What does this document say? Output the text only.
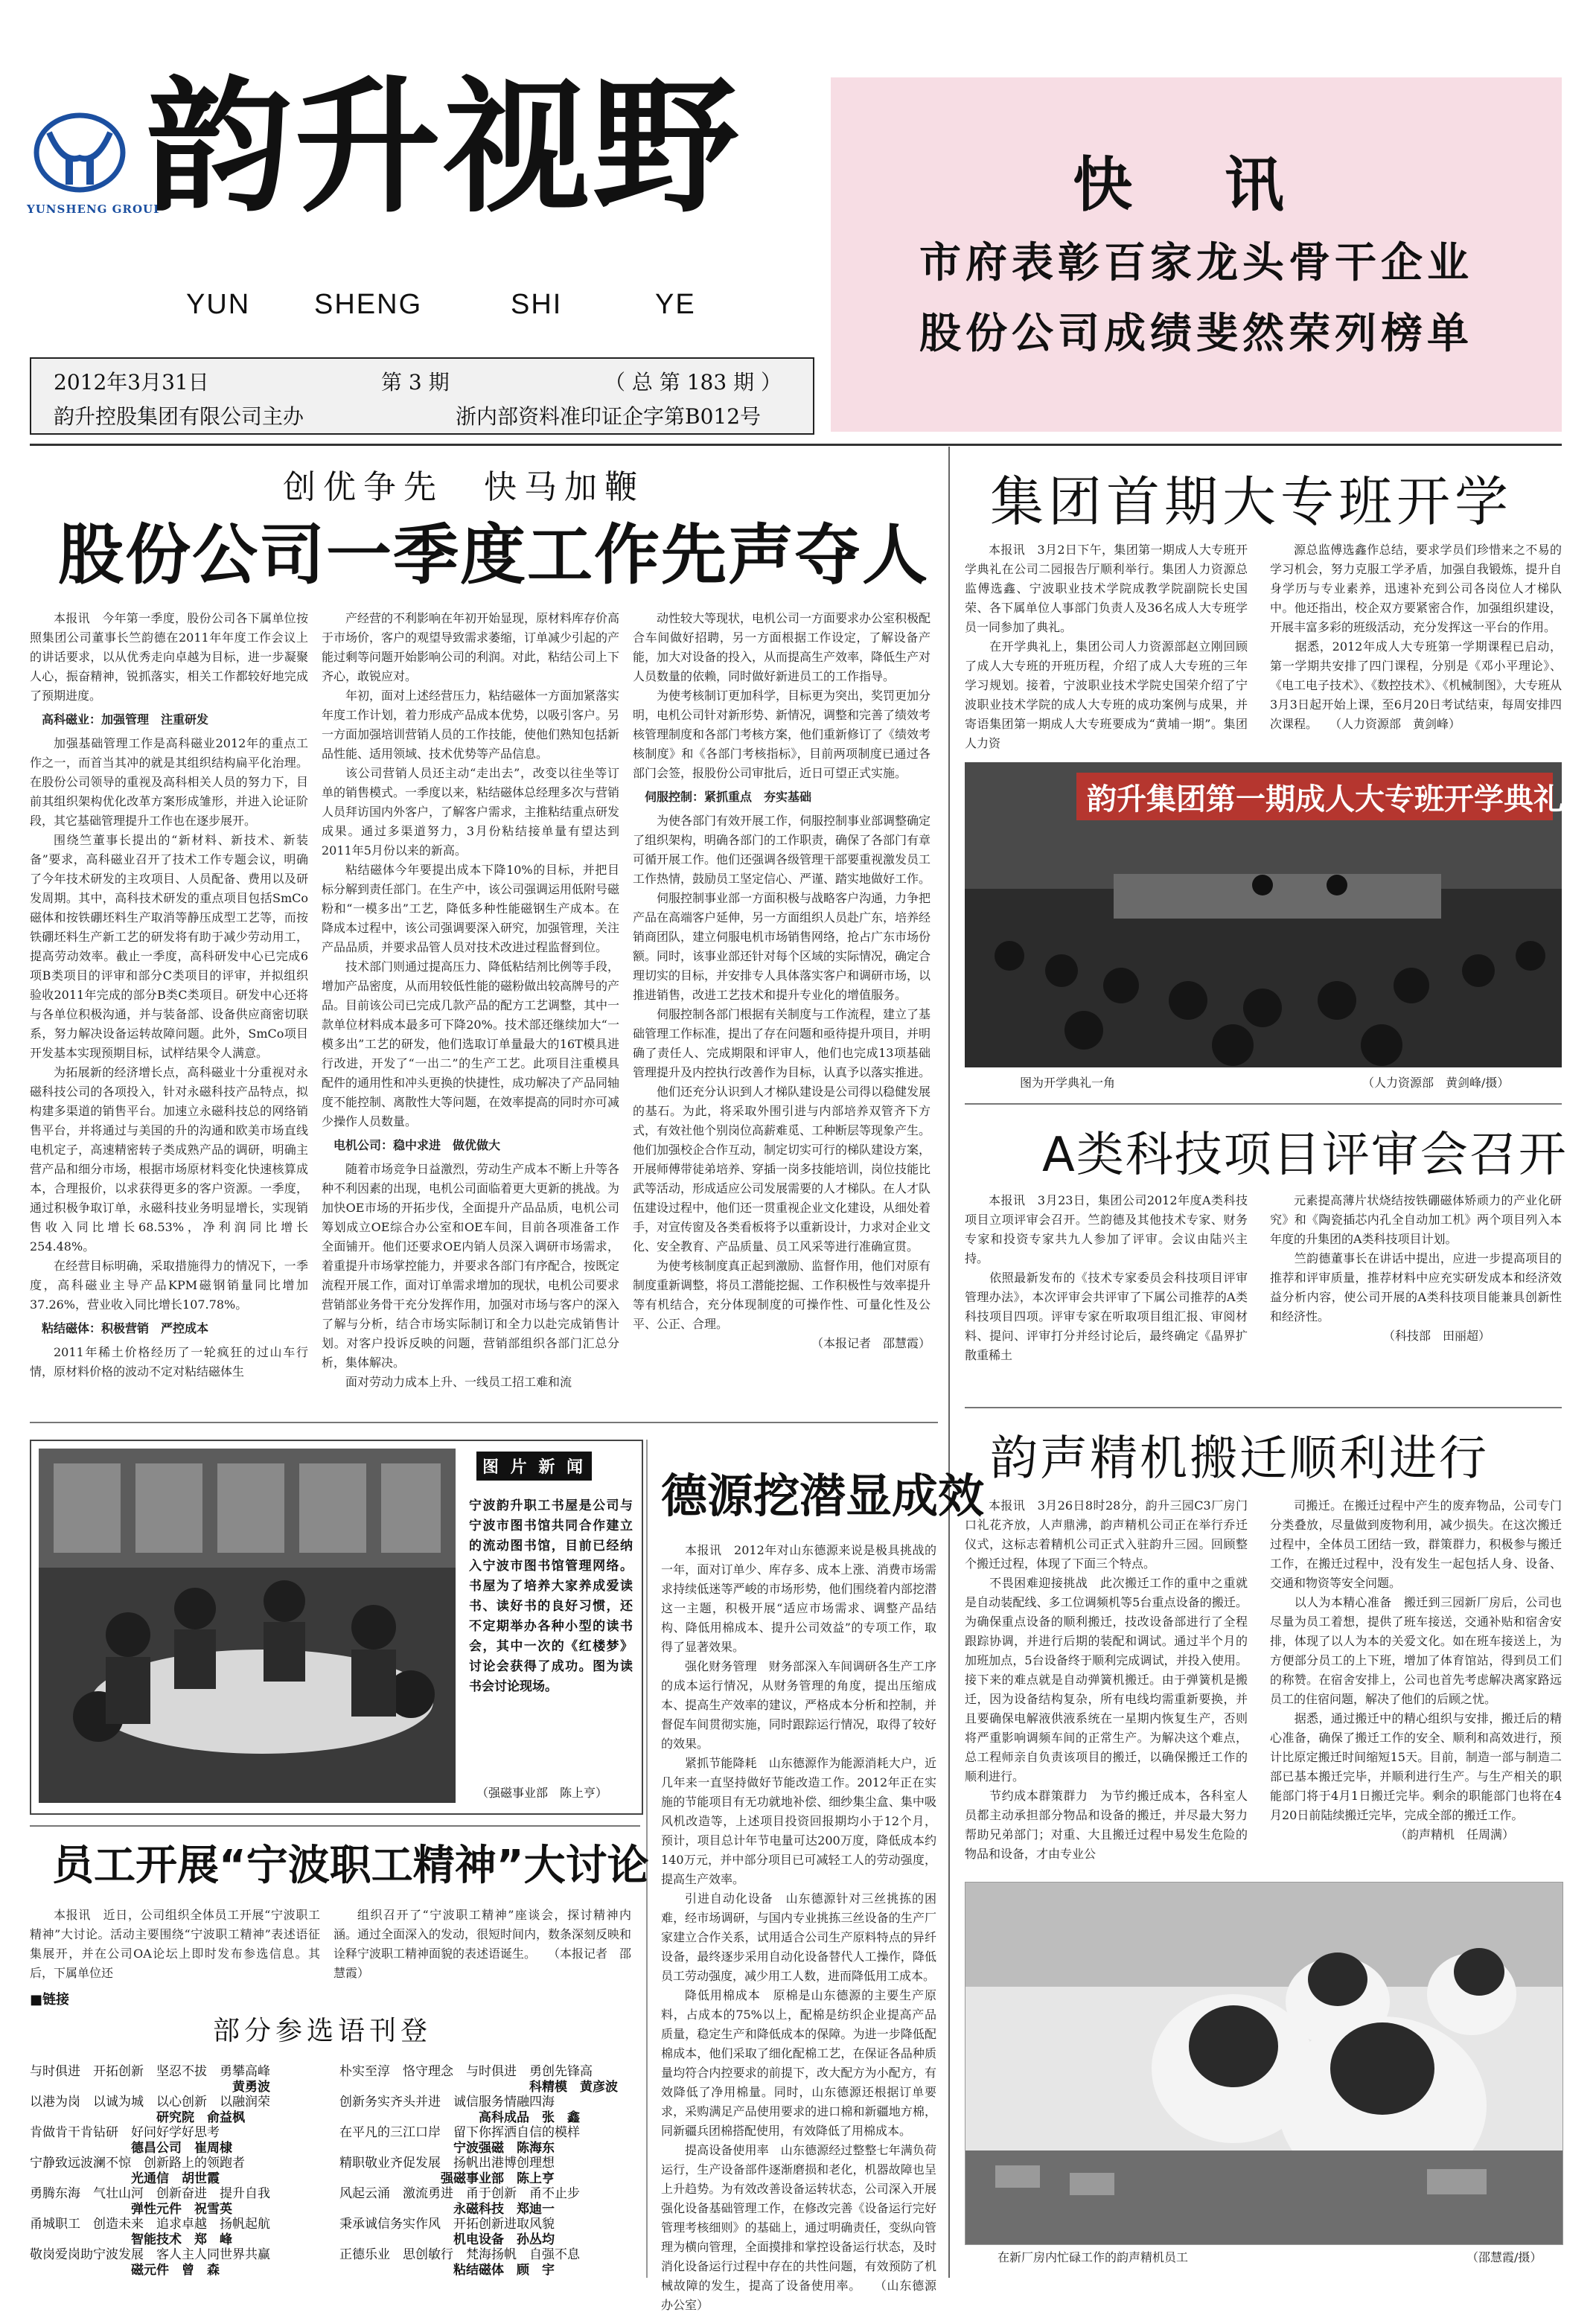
YUNSHENG GROUP
韵升视野
YUN SHENG	SHI	YE
2012年3月31日	第 3 期	（ 总 第 183 期 ）
韵升控股集团有限公司主办	浙内部资料准印证企字第B012号
快 讯
市府表彰百家龙头骨干企业
股份公司成绩斐然荣列榜单
创优争先　快马加鞭
股份公司一季度工作先声夺人

本报讯　今年第一季度，股份公司各下属单位按照集团公司董事长竺韵德在2011年年度工作会议上的讲话要求，以从优秀走向卓越为目标，进一步凝聚人心，振奋精神，锐抓落实，相关工作都较好地完成了预期进度。

高科磁业：加强管理　注重研发

加强基础管理工作是高科磁业2012年的重点工作之一，而首当其冲的就是其组织结构扁平化治理。在股份公司领导的重视及高科相关人员的努力下，目前其组织架构优化改革方案形成雏形，并进入论证阶段，其它基础管理提升工作也在逐步展开。

围绕竺董事长提出的“新材料、新技术、新装备”要求，高科磁业召开了技术工作专题会议，明确了今年技术研发的主攻项目、人员配备、费用以及研发周期。其中，高科技术研发的重点项目包括SmCo磁体和按铁硼坯料生产取消等静压成型工艺等，而按铁硼坯料生产新工艺的研发将有助于减少劳动用工，提高劳动效率。截止一季度，高科研发中心已完成6项B类项目的评审和部分C类项目的评审，并拟组织验收2011年完成的部分B类C类项目。研发中心还将与各单位积极沟通，并与装备部、设备供应商密切联系，努力解决设备运转故障问题。此外，SmCo项目开发基本实现预期目标，试样结果令人满意。

为拓展新的经济增长点，高科磁业十分重视对永磁科技公司的各项投入，针对永磁科技产品特点，拟构建多渠道的销售平台。加速立永磁科技总的网络销售平台，并将通过与美国的升的沟通和欧美市场直线电机定子，高速精密转子类成熟产品的调研，明确主营产品和细分市场，根据市场原材料变化快速核算成本，合理报价，以求获得更多的客户资源。一季度，通过积极争取订单，永磁科技业务明显增长，实现销售收入同比增长68.53%，净利润同比增长254.48%。

在经营目标明确，采取措施得力的情况下，一季度，高科磁业主导产品KPM磁钢销量同比增加37.26%，营业收入同比增长107.78%。

粘结磁体：积极营销　严控成本

2011年稀土价格经历了一轮疯狂的过山车行情，原材料价格的波动不定对粘结磁体生

产经营的不利影响在年初开始显现，原材料库存价高于市场价，客户的观望导致需求萎缩，订单减少引起的产能过剩等问题开始影响公司的利润。对此，粘结公司上下齐心，敢锐应对。

年初，面对上述经营压力，粘结磁体一方面加紧落实年度工作计划，着力形成产品成本优势，以吸引客户。另一方面加强培训营销人员的工作技能，使他们熟知包括新品性能、适用领域、技术优势等产品信息。

该公司营销人员还主动“走出去”，改变以往坐等订单的销售模式。一季度以来，粘结磁体总经理多次与营销人员拜访国内外客户，了解客户需求，主推粘结重点研发成果。通过多渠道努力，3月份粘结接单量有望达到2011年5月份以来的新高。

粘结磁体今年要提出成本下降10%的目标，并把目标分解到责任部门。在生产中，该公司强调运用低附号磁粉和“一模多出”工艺，降低多种性能磁钢生产成本。在降成本过程中，该公司强调要深入研究，加强管理，关注产品品质，并要求品管人员对技术改进过程监督到位。

技术部门则通过提高压力、降低粘结剂比例等手段，增加产品密度，从而用较低性能的磁粉做出较高牌号的产品。目前该公司已完成几款产品的配方工艺调整，其中一款单位材料成本最多可下降20%。技术部还继续加大“一模多出”工艺的研发，他们选取订单量最大的16T模具进行改进，开发了“一出二”的生产工艺。此项目注重模具配件的通用性和冲头更换的快捷性，成功解决了产品同轴度不能控制、离散性大等问题，在效率提高的同时亦可减少操作人员数量。

电机公司：稳中求进　做优做大

随着市场竞争日益激烈，劳动生产成本不断上升等各种不利因素的出现，电机公司面临着更大更新的挑战。为加快OE市场的开拓步伐，全面提升产品品质，电机公司筹划成立OE综合办公室和OE车间，目前各项准备工作全面铺开。他们还要求OE内销人员深入调研市场需求，着重提升市场掌控能力，并要求各部门有序配合，按既定流程开展工作，面对订单需求增加的现状，电机公司要求营销部业务骨干充分发挥作用，加强对市场与客户的深入了解与分析，结合市场实际制订和全力以赴完成销售计划。对客户投诉反映的问题，营销部组织各部门汇总分析，集体解决。

面对劳动力成本上升、一线员工招工难和流

动性较大等现状，电机公司一方面要求办公室积极配合车间做好招聘，另一方面根据工作设定，了解设备产能，加大对设备的投入，从而提高生产效率，降低生产对人员数量的依赖，同时做好新进员工的工作指导。

为使考核制订更加科学，目标更为突出，奖罚更加分明，电机公司针对新形势、新情况，调整和完善了绩效考核管理制度和各部门考核方案，他们重新修订了《绩效考核制度》和《各部门考核指标》，目前两项制度已通过各部门会签，报股份公司审批后，近日可望正式实施。

伺服控制：紧抓重点　夯实基础

为使各部门有效开展工作，伺服控制事业部调整确定了组织架构，明确各部门的工作职责，确保了各部门有章可循开展工作。他们还强调各级管理干部要重视激发员工工作热情，鼓励员工坚定信心、严谨、踏实地做好工作。

伺服控制事业部一方面积极与战略客户沟通，力争把产品在高端客户延伸，另一方面组织人员赴广东，培养经销商团队，建立伺服电机市场销售网络，抢占广东市场份额。同时，该事业部还针对每个区域的实际情况，确定合理切实的目标，并安排专人具体落实客户和调研市场，以推进销售，改进工艺技术和提升专业化的增值服务。

伺服控制各部门根据有关制度与工作流程，建立了基础管理工作标准，提出了存在问题和亟待提升项目，并明确了责任人、完成期限和评审人，他们也完成13项基础管理提升及内控执行改善作为目标，认真予以落实推进。

他们还充分认识到人才梯队建设是公司得以稳健发展的基石。为此，将采取外围引进与内部培养双管齐下方式，有效社他个别岗位高薪难觅、工种断层等现象产生。他们加强校企合作互动，制定切实可行的梯队建设方案，开展师傅带徒弟培养、穿插一岗多技能培训，岗位技能比武等活动，形成适应公司发展需要的人才梯队。在人才队伍建设过程中，他们还一贯重视企业文化建设，从细处着手，对宣传窗及各类看板将予以重新设计，力求对企业文化、安全教育、产品质量、员工风采等进行准确宣贯。

为使考核制度真正起到激励、监督作用，他们对原有制度重新调整，将员工潜能挖掘、工作积极性与效率提升等有机结合，充分体现制度的可操作性、可量化性及公平、公正、合理。

（本报记者　邵慧霞）

图 片 新 闻
宁波韵升职工书屋是公司与宁波市图书馆共同合作建立的流动图书馆，目前已经纳入宁波市图书馆管理网络。书屋为了培养大家养成爱读书、读好书的良好习惯，还不定期举办各种小型的读书会，其中一次的《红楼梦》讨论会获得了成功。图为读书会讨论现场。
（强磁事业部　陈上亨）
德源挖潜显成效

本报讯　2012年对山东德源来说是极具挑战的一年，面对订单少、库存多、成本上涨、消费市场需求持续低迷等严峻的市场形势，他们围绕着内部挖潜这一主题，积极开展“适应市场需求、调整产品结构、降低用棉成本、提升公司效益”的专项工作，取得了显著效果。

强化财务管理　财务部深入车间调研各生产工序的成本运行情况，从财务管理的角度，提出压缩成本、提高生产效率的建议，严格成本分析和控制，并督促车间贯彻实施，同时跟踪运行情况，取得了较好的效果。

紧抓节能降耗　山东德源作为能源消耗大户，近几年来一直坚持做好节能改造工作。2012年正在实施的节能项目有无功就地补偿、细纱集尘盒、集中吸风机改造等，上述项目投资回报期均小于12个月，预计，项目总计年节电量可达200万度，降低成本约140万元，并中部分项目已可减轻工人的劳动强度，提高生产效率。

引进自动化设备　山东德源针对三丝挑拣的困难，经市场调研，与国内专业挑拣三丝设备的生产厂家建立合作关系，试用适合公司生产原料特点的异纤设备，最终逐步采用自动化设备替代人工操作，降低员工劳动强度，减少用工人数，进而降低用工成本。

降低用棉成本　原棉是山东德源的主要生产原料，占成本的75%以上，配棉是纺织企业提高产品质量，稳定生产和降低成本的保障。为进一步降低配棉成本，他们采取了细化配棉工艺，在保证各品种质量均符合内控要求的前提下，改大配方为小配方，有效降低了净用棉量。同时，山东德源还根据订单要求，采购满足产品使用要求的进口棉和新疆地方棉，同新疆兵团棉搭配使用，有效降低了用棉成本。

提高设备使用率　山东德源经过整整七年满负荷运行，生产设备部件逐渐磨损和老化，机器故障也呈上升趋势。为有效改善设备运转状态，公司深入开展强化设备基础管理工作，在修改完善《设备运行完好管理考核细则》的基础上，通过明确责任，变纵向管理为横向管理，全面摸排和掌控设备运行状态，及时消化设备运行过程中存在的共性问题，有效预防了机械故障的发生，提高了设备使用率。　　（山东德源　办公室）

员工开展“宁波职工精神”大讨论

本报讯　近日，公司组织全体员工开展“宁波职工精神”大讨论。活动主要围绕“宁波职工精神”表述语征集展开，并在公司OA论坛上即时发布参选信息。其后，下属单位还

组织召开了“宁波职工精神”座谈会，探讨精神内涵。通过全面深入的发动，很短时间内，数条深刻反映和诠释宁波职工精神面貌的表述语诞生。　　（本报记者　邵慧霞）

■链接
部分参选语刊登
与时俱进　开拓创新　坚忍不拔　勇攀高峰	朴实至淳　恪守理念　与时俱进　勇创先锋高
　　　　　　　　　　　　　　　　黄勇波	　　　　　　　　　　　　　　　科精模　黄彦波
以港为岗　以诚为城　以心创新　以融润荣	创新务实齐头并进　诚信服务情融四海
　　　　　　　　　　研究院　俞益枫	　　　　　　　　　　　高科成品　张　鑫
肯做肯干肯钻研　好问好学好思考	在平凡的三江口岸　留下你挥洒自信的模样
　　　　　　　　德昌公司　崔周棣	　　　　　　　　　宁波强磁　陈海东
宁静致远波澜不惊　创新路上的领跑者	精职敬业齐促发展　扬帆出港博创理想
　　　　　　　　光通信　胡世霞	　　　　　　　　强磁事业部　陈上亨
勇腾东海　气壮山河　创新奋进　提升自我	风起云涌　激流勇进　甬于创新　甬不止步
　　　　　　　　弹性元件　祝雪英	　　　　　　　　　永磁科技　郑迪一
甬城职工　创造未来　追求卓越　扬帆起航	秉承诚信务实作风　开拓创新进取风貌
　　　　　　　　智能技术　郑　峰	　　　　　　　　　机电设备　孙丛均
敬岗爱岗助宁波发展　客人主人同世界共赢	正德乐业　思创敏行　梵海扬帆　自强不息
　　　　　　　　磁元件　曾　森	　　　　　　　　　粘结磁体　顾　宇
集团首期大专班开学

本报讯　3月2日下午，集团第一期成人大专班开学典礼在公司二园报告厅顺利举行。集团人力资源总监傅选鑫、宁波职业技术学院成教学院副院长史国荣、各下属单位人事部门负责人及36名成人大专班学员一同参加了典礼。
　　在开学典礼上，集团公司人力资源部赵立刚回顾了成人大专班的开班历程，介绍了成人大专班的三年学习规划。接着，宁波职业技术学院史国荣介绍了宁波职业技术学院的成人大专班的成功案例与成果，并寄语集团第一期成人大专班要成为“黄埔一期”。集团人力资

源总监傅选鑫作总结，要求学员们珍惜来之不易的学习机会，努力克服工学矛盾，加强自我锻炼，提升自身学历与专业素养，迅速补充到公司各岗位人才梯队中。他还指出，校企双方要紧密合作，加强组织建设，开展丰富多彩的班级活动，充分发挥这一平台的作用。
　　据悉，2012年成人大专班第一学期课程已启动，第一学期共安排了四门课程，分别是《邓小平理论》、《电工电子技术》、《数控技术》、《机械制图》，大专班从3月3日起开始上课，至6月20日考试结束，每周安排四次课程。　　（人力资源部　黄剑峰）

韵升集团第一期成人大专班开学典礼
图为开学典礼一角	（人力资源部　黄剑峰/摄）
A类科技项目评审会召开

本报讯　3月23日，集团公司2012年度A类科技项目立项评审会召开。竺韵德及其他技术专家、财务专家和投资专家共九人参加了评审。会议由陆兴主持。
　　依照最新发布的《技术专家委员会科技项目评审管理办法》，本次评审会共评审了下属公司推荐的A类科技项目四项。评审专家在听取项目组汇报、审阅材料、提问、评审打分并经讨论后，最终确定《晶界扩散重稀土

元素提高薄片状烧结按铁硼磁体矫顽力的产业化研究》和《陶瓷插芯内孔全自动加工机》两个项目列入本年度的升集团的A类科技项目计划。
　　竺韵德董事长在讲话中提出，应进一步提高项目的推荐和评审质量，推荐材料中应充实研发成本和经济效益分析内容，使公司开展的A类科技项目能兼具创新性和经济性。
　　　　　　　　　　（科技部　田丽超）

韵声精机搬迁顺利进行

本报讯　3月26日8时28分，韵升三园C3厂房门口礼花齐放，人声鼎沸，韵声精机公司正在举行乔迁仪式，这标志着精机公司正式入驻韵升三园。回顾整个搬迁过程，体现了下面三个特点。
　　不畏困难迎接挑战　此次搬迁工作的重中之重就是自动装配线、多工位调频机等5台重点设备的搬迁。为确保重点设备的顺利搬迁，技改设备部进行了全程跟踪协调，并进行后期的装配和调试。通过半个月的加班加点，5台设备终于顺利完成调试，并投入使用。接下来的难点就是自动弹簧机搬迁。由于弹簧机是搬迁，因为设备结构复杂，所有电线均需重新要换，并且要确保电解液供液系统在一星期内恢复生产，否则将严重影响调频车间的正常生产。为解决这个难点，总工程师亲自负责该项目的搬迁，以确保搬迁工作的顺利进行。
　　节约成本群策群力　为节约搬迁成本，各科室人员都主动承担部分物品和设备的搬迁，并尽最大努力帮助兄弟部门；对重、大且搬迁过程中易发生危险的物品和设备，才由专业公

司搬迁。在搬迁过程中产生的废弃物品，公司专门分类叠放，尽量做到废物利用，减少损失。在这次搬迁过程中，全体员工团结一致，群策群力，积极参与搬迁工作，在搬迁过程中，没有发生一起包括人身、设备、交通和物资等安全问题。
　　以人为本精心准备　搬迁到三园新厂房后，公司也尽量为员工着想，提供了班车接送，交通补贴和宿舍安排，体现了以人为本的关爱文化。如在班车接送上，为方便部分员工的上下班，增加了体育馆站，得到员工们的称赞。在宿舍安排上，公司也首先考虑解决离家路远员工的住宿问题，解决了他们的后顾之忧。
　　据悉，通过搬迁中的精心组织与安排，搬迁后的精心准备，确保了搬迁工作的安全、顺利和高效进行，预计比原定搬迁时间缩短15天。目前，制造一部与制造二部已基本搬迁完毕，并顺利进行生产。与生产相关的职能部门将于4月1日搬迁完毕。剩余的职能部门也将在4月20日前陆续搬迁完毕，完成全部的搬迁工作。
　　　　　　　　　　　（韵声精机　任周满）

在新厂房内忙碌工作的韵声精机员工	（邵慧霞/摄）
